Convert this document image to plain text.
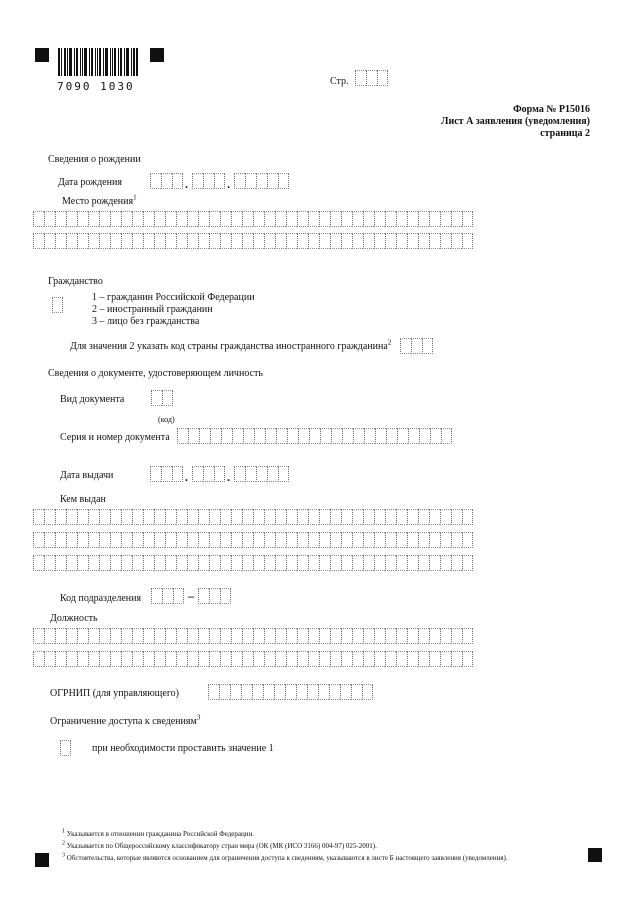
7090 1030	Стр.
Форма № Р15016
Лист А заявления (уведомления)
страница 2
Сведения о рождении
Дата рождения	.	.
Место рождения$^1$
Гражданство
1 – гражданин Российской Федерации
2 – иностранный гражданин
3 – лицо без гражданства
Для значения 2 указать код страны гражданства иностранного гражданина$^2$
Сведения о документе, удостоверяющем личность
Вид документа
(код)
Серия и номер документа
Дата выдачи	.	.
Кем выдан
Код подразделения	–
Должность
ОГРНИП (для управляющего)
Ограничение доступа к сведениям$^3$
при необходимости проставить значение 1
$^1$ Указывается в отношении гражданина Российской Федерации.
$^2$ Указывается по Общероссийскому классификатору стран мира (ОК (МК (ИСО 3166) 004-97) 025-2001).
$^3$ Обстоятельства, которые являются основанием для ограничения доступа к сведениям, указываются в листе Б настоящего заявления (уведомления).
